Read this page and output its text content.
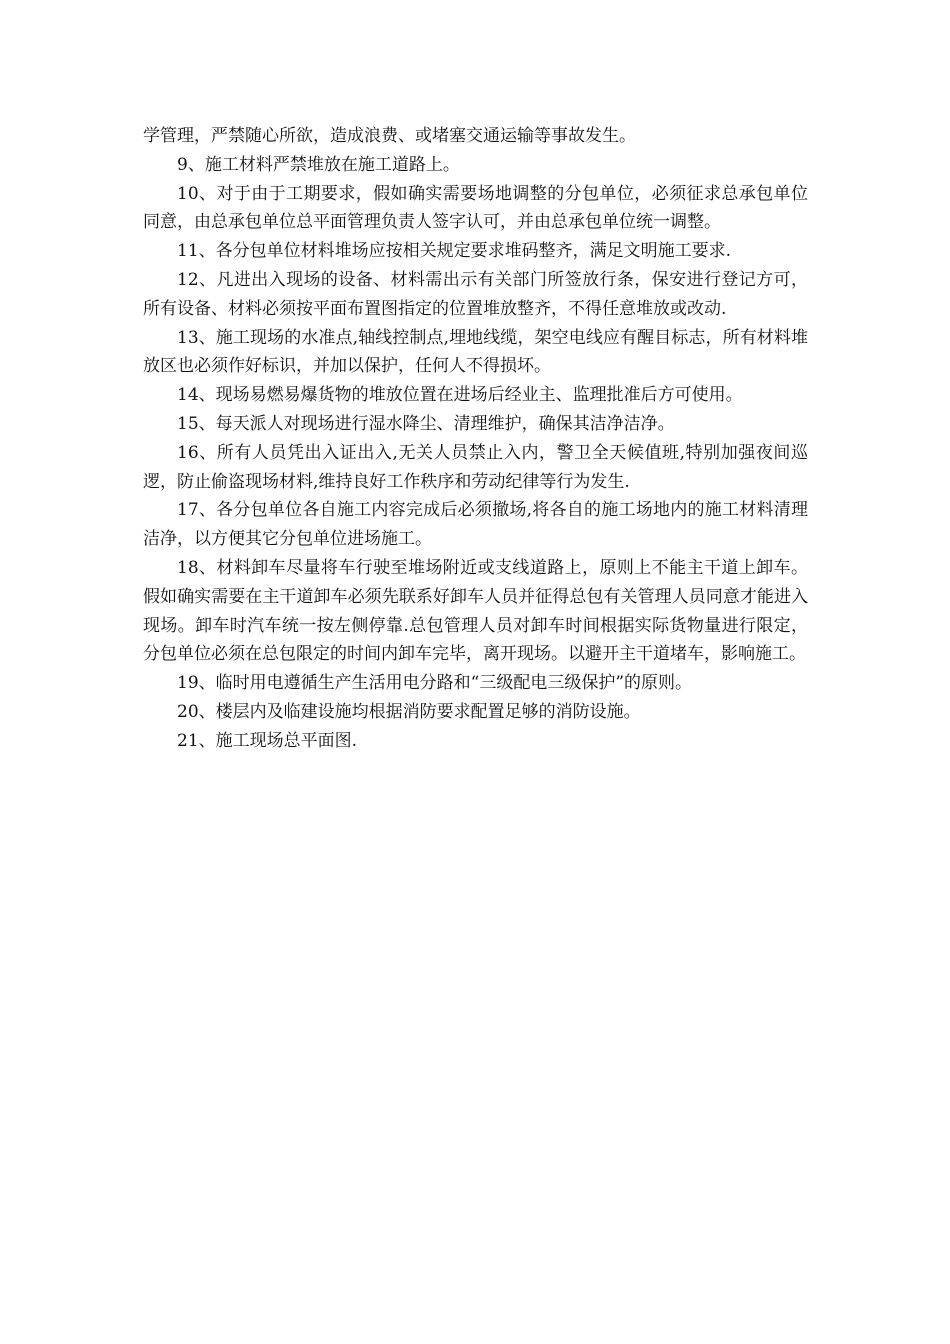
学管理，严禁随心所欲，造成浪费、或堵塞交通运输等事故发生。

9、施工材料严禁堆放在施工道路上。

10、对于由于工期要求，假如确实需要场地调整的分包单位，必须征求总承包单位同意，由总承包单位总平面管理负责人签字认可，并由总承包单位统一调整。

11、各分包单位材料堆场应按相关规定要求堆码整齐，满足文明施工要求.

12、凡进出入现场的设备、材料需出示有关部门所签放行条，保安进行登记方可，所有设备、材料必须按平面布置图指定的位置堆放整齐，不得任意堆放或改动.

13、施工现场的水准点,轴线控制点,埋地线缆，架空电线应有醒目标志，所有材料堆放区也必须作好标识，并加以保护，任何人不得损坏。

14、现场易燃易爆货物的堆放位置在进场后经业主、监理批准后方可使用。

15、每天派人对现场进行湿水降尘、清理维护，确保其洁净洁净。

16、所有人员凭出入证出入,无关人员禁止入内，警卫全天候值班,特别加强夜间巡逻，防止偷盗现场材料,维持良好工作秩序和劳动纪律等行为发生.

17、各分包单位各自施工内容完成后必须撤场,将各自的施工场地内的施工材料清理洁净，以方便其它分包单位进场施工。

18、材料卸车尽量将车行驶至堆场附近或支线道路上，原则上不能主干道上卸车。假如确实需要在主干道卸车必须先联系好卸车人员并征得总包有关管理人员同意才能进入现场。卸车时汽车统一按左侧停靠.总包管理人员对卸车时间根据实际货物量进行限定，分包单位必须在总包限定的时间内卸车完毕，离开现场。以避开主干道堵车，影响施工。

19、临时用电遵循生产生活用电分路和“三级配电三级保护”的原则。

20、楼层内及临建设施均根据消防要求配置足够的消防设施。

21、施工现场总平面图.
